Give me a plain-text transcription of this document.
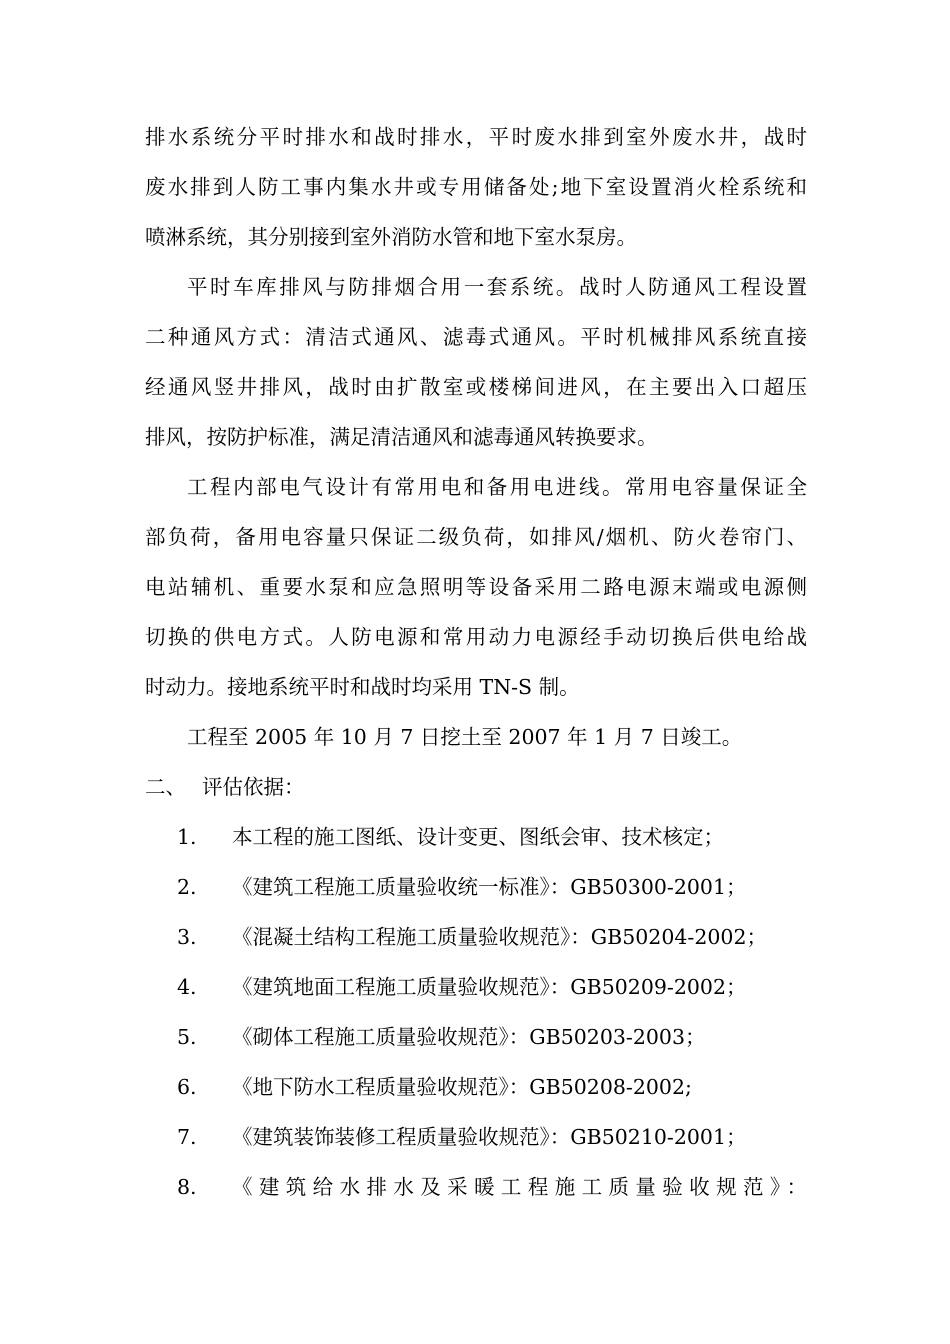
排水系统分平时排水和战时排水，平时废水排到室外废水井，战时
废水排到人防工事内集水井或专用储备处;地下室设置消火栓系统和
喷淋系统，其分别接到室外消防水管和地下室水泵房。
平时车库排风与防排烟合用一套系统。战时人防通风工程设置
二种通风方式：清洁式通风、滤毒式通风。平时机械排风系统直接
经通风竖井排风，战时由扩散室或楼梯间进风，在主要出入口超压
排风，按防护标准，满足清洁通风和滤毒通风转换要求。
工程内部电气设计有常用电和备用电进线。常用电容量保证全
部负荷，备用电容量只保证二级负荷，如排风/烟机、防火卷帘门、
电站辅机、重要水泵和应急照明等设备采用二路电源末端或电源侧
切换的供电方式。人防电源和常用动力电源经手动切换后供电给战
时动力。接地系统平时和战时均采用 TN-S 制。
工程至 2005 年 10 月 7 日挖土至 2007 年 1 月 7 日竣工。
二、 评估依据：
1. 本工程的施工图纸、设计变更、图纸会审、技术核定；
2. 《建筑工程施工质量验收统一标准》：GB50300-2001；
3. 《混凝土结构工程施工质量验收规范》：GB50204-2002；
4. 《建筑地面工程施工质量验收规范》：GB50209-2002；
5. 《砌体工程施工质量验收规范》：GB50203-2003；
6. 《地下防水工程质量验收规范》：GB50208-2002;
7. 《建筑装饰装修工程质量验收规范》：GB50210-2001；
8. 《建筑给水排水及采暖工程施工质量验收规范》：
